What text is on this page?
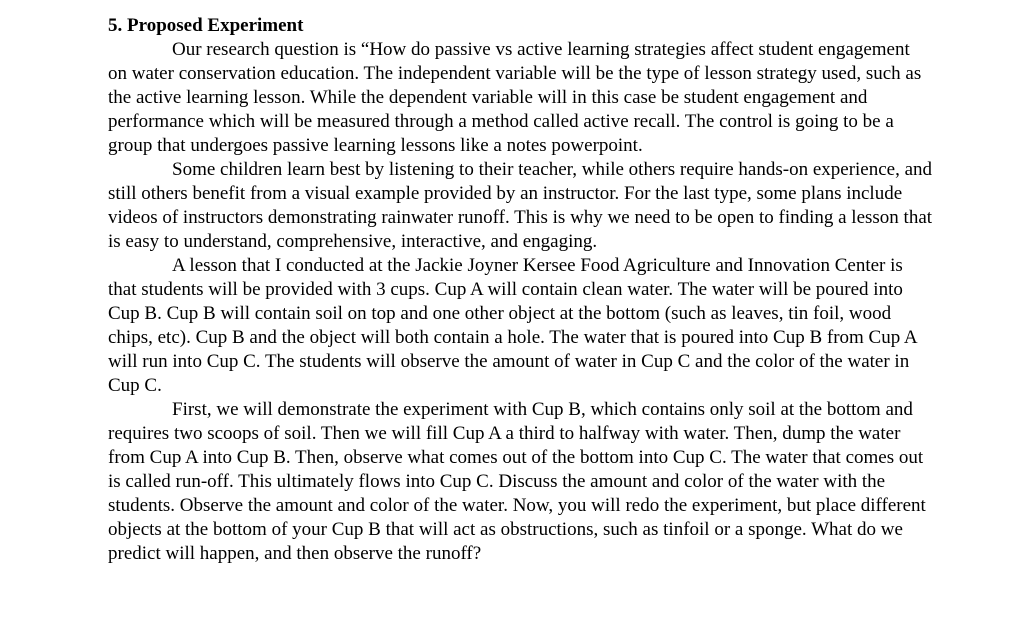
5. Proposed Experiment

Our research question is “How do passive vs active learning strategies affect student engagement on water conservation education. The independent variable will be the type of lesson strategy used, such as the active learning lesson. While the dependent variable will in this case be student engagement and performance which will be measured through a method called active recall. The control is going to be a group that undergoes passive learning lessons like a notes powerpoint.

Some children learn best by listening to their teacher, while others require hands-on experience, and still others benefit from a visual example provided by an instructor. For the last type, some plans include videos of instructors demonstrating rainwater runoff. This is why we need to be open to finding a lesson that is easy to understand, comprehensive, interactive, and engaging.

A lesson that I conducted at the Jackie Joyner Kersee Food Agriculture and Innovation Center is that students will be provided with 3 cups. Cup A will contain clean water. The water will be poured into Cup B. Cup B will contain soil on top and one other object at the bottom (such as leaves, tin foil, wood chips, etc). Cup B and the object will both contain a hole. The water that is poured into Cup B from Cup A will run into Cup C. The students will observe the amount of water in Cup C and the color of the water in Cup C.

First, we will demonstrate the experiment with Cup B, which contains only soil at the bottom and requires two scoops of soil. Then we will fill Cup A a third to halfway with water. Then, dump the water from Cup A into Cup B. Then, observe what comes out of the bottom into Cup C. The water that comes out is called run-off. This ultimately flows into Cup C. Discuss the amount and color of the water with the students. Observe the amount and color of the water. Now, you will redo the experiment, but place different objects at the bottom of your Cup B that will act as obstructions, such as tinfoil or a sponge. What do we predict will happen, and then observe the runoff?
